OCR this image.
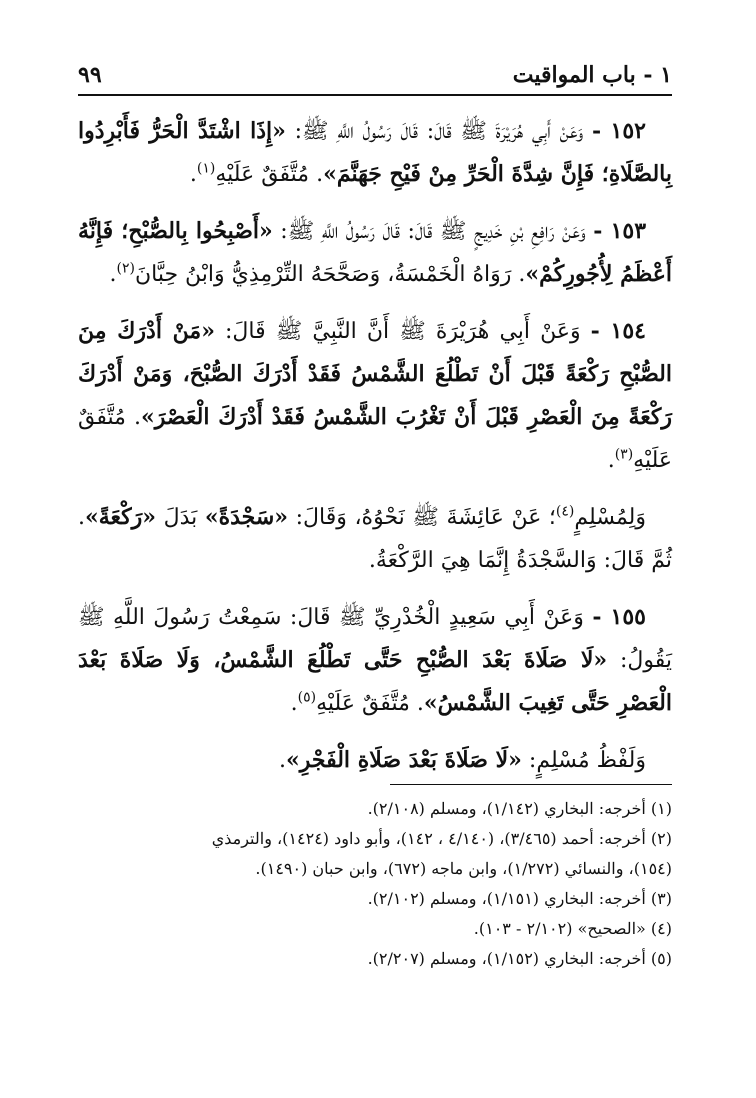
١ - باب المواقيت
٩٩

١٥٢ - وَعَنْ أَبِي هُرَيْرَةَ ﷺ قَالَ: قَالَ رَسُولُ اللَّهِ ﷺ: «إِذَا اشْتَدَّ الْحَرُّ فَأَبْرِدُوا بِالصَّلَاةِ؛ فَإِنَّ شِدَّةَ الْحَرِّ مِنْ فَيْحِ جَهَنَّمَ». مُتَّفَقٌ عَلَيْهِ$^{(١)}$.

١٥٣ - وَعَنْ رَافِعِ بْنِ خَدِيجٍ ﷺ قَالَ: قَالَ رَسُولُ اللَّهِ ﷺ: «أَصْبِحُوا بِالصُّبْحِ؛ فَإِنَّهُ أَعْظَمُ لِأُجُورِكُمْ». رَوَاهُ الْخَمْسَةُ، وَصَحَّحَهُ التِّرْمِذِيُّ وَابْنُ حِبَّانَ$^{(٢)}$.

١٥٤ - وَعَنْ أَبِي هُرَيْرَةَ ﷺ أَنَّ النَّبِيَّ ﷺ قَالَ: «مَنْ أَدْرَكَ مِنَ الصُّبْحِ رَكْعَةً قَبْلَ أَنْ تَطْلُعَ الشَّمْسُ فَقَدْ أَدْرَكَ الصُّبْحَ، وَمَنْ أَدْرَكَ رَكْعَةً مِنَ الْعَصْرِ قَبْلَ أَنْ تَغْرُبَ الشَّمْسُ فَقَدْ أَدْرَكَ الْعَصْرَ». مُتَّفَقٌ عَلَيْهِ$^{(٣)}$.

وَلِمُسْلِمٍ$^{(٤)}$؛ عَنْ عَائِشَةَ ﷺ نَحْوُهُ، وَقَالَ: «سَجْدَةً» بَدَلَ «رَكْعَةً». ثُمَّ قَالَ: وَالسَّجْدَةُ إِنَّمَا هِيَ الرَّكْعَةُ.

١٥٥ - وَعَنْ أَبِي سَعِيدٍ الْخُدْرِيِّ ﷺ قَالَ: سَمِعْتُ رَسُولَ اللَّهِ ﷺ يَقُولُ: «لَا صَلَاةَ بَعْدَ الصُّبْحِ حَتَّى تَطْلُعَ الشَّمْسُ، وَلَا صَلَاةَ بَعْدَ الْعَصْرِ حَتَّى تَغِيبَ الشَّمْسُ». مُتَّفَقٌ عَلَيْهِ$^{(٥)}$.

وَلَفْظُ مُسْلِمٍ: «لَا صَلَاةَ بَعْدَ صَلَاةِ الْفَجْرِ».

(١) أخرجه: البخاري (١/١٤٢)، ومسلم (٢/١٠٨).

(٢) أخرجه: أحمد (٣/٤٦٥)، (٤/١٤٠ ، ١٤٢)، وأبو داود (١٤٢٤)، والترمذي

(١٥٤)، والنسائي (١/٢٧٢)، وابن ماجه (٦٧٢)، وابن حبان (١٤٩٠).

(٣) أخرجه: البخاري (١/١٥١)، ومسلم (٢/١٠٢).

(٤) «الصحيح» (٢/١٠٢ - ١٠٣).

(٥) أخرجه: البخاري (١/١٥٢)، ومسلم (٢/٢٠٧).
